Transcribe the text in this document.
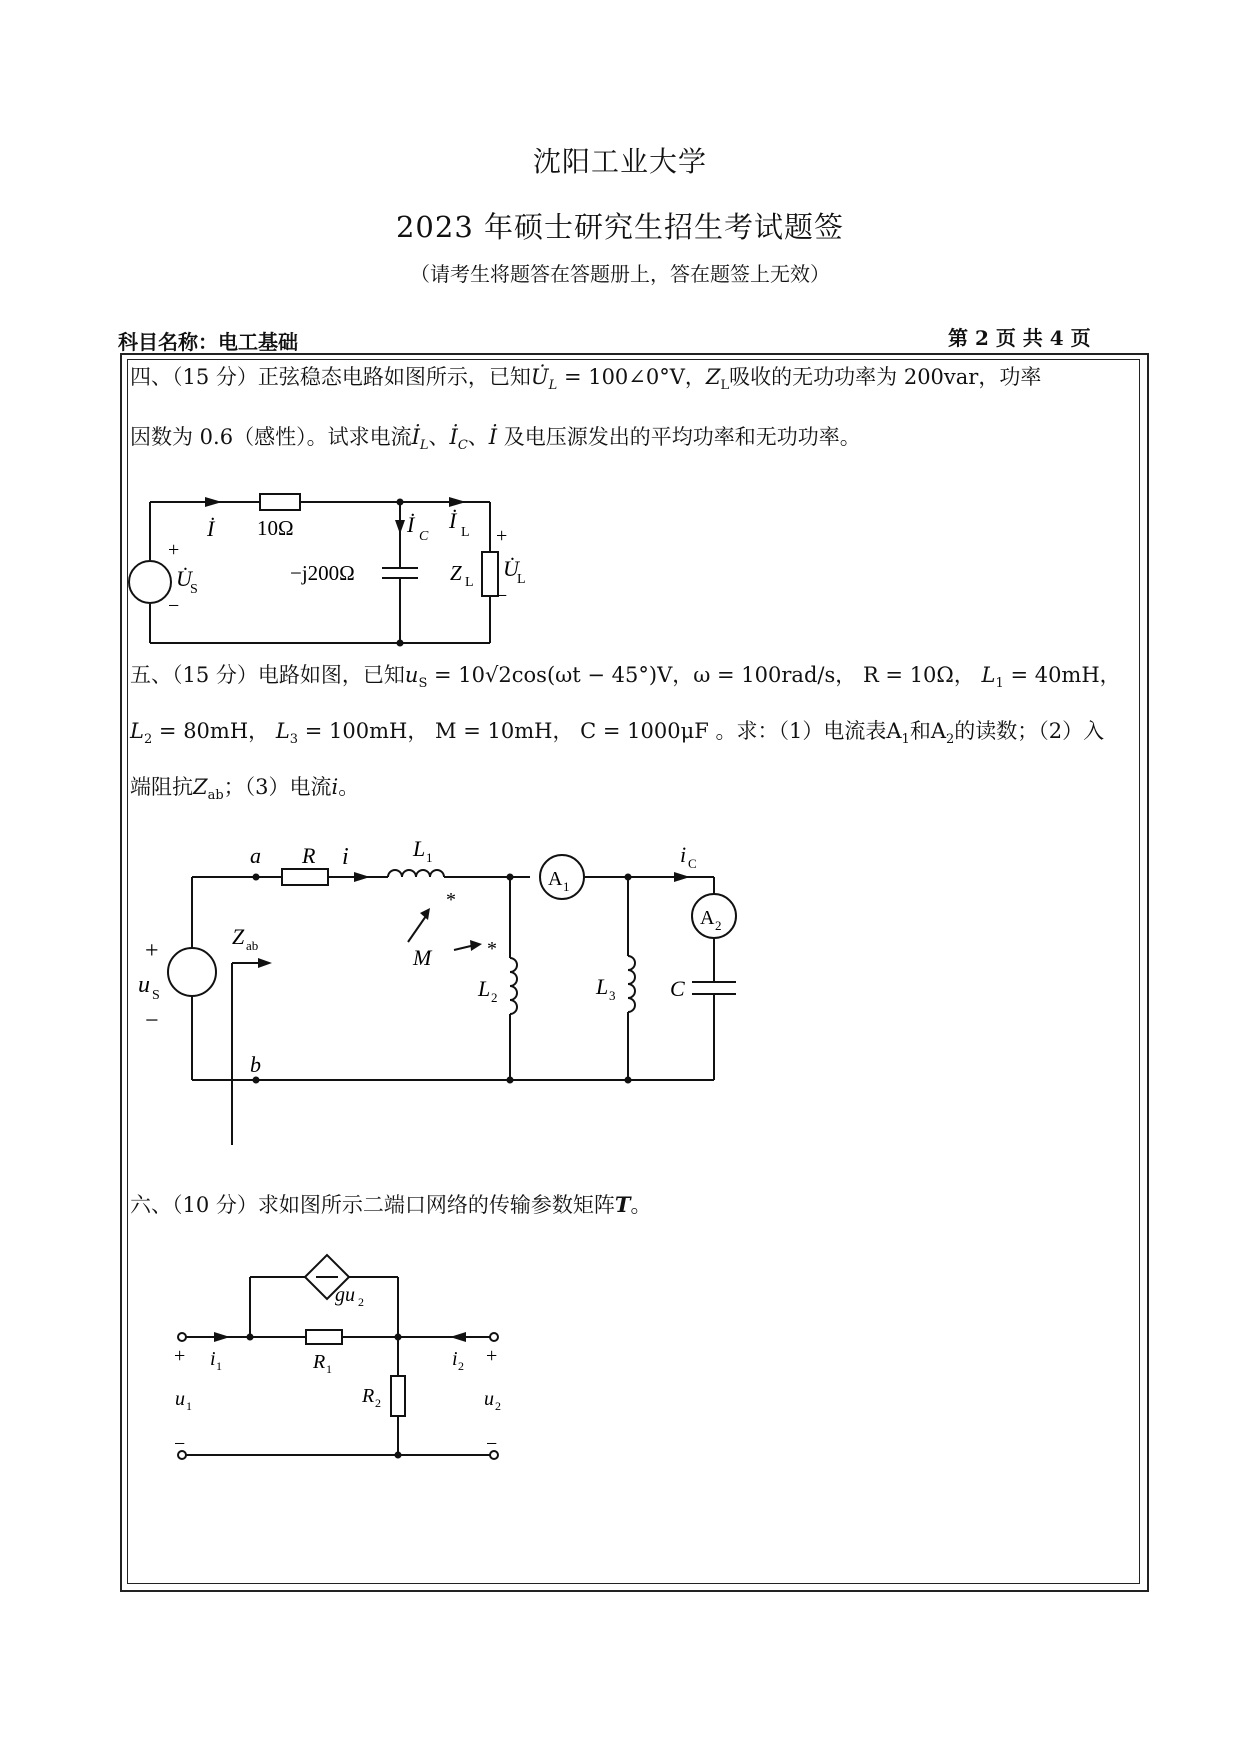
沈阳工业大学
2023 年硕士研究生招生考试题签
（请考生将题答在答题册上，答在题签上无效）
科目名称：电工基础	第 2 页 共 4 页
四、（15 分）正弦稳态电路如图所示，已知$U̇_L$ = 100∠0°V，$Z_L$吸收的无功功率为 200var，功率
因数为 0.6（感性）。试求电流$İ_L$、$İ_C$、İ 及电压源发出的平均功率和无功功率。
İ 10Ω	İ C
İ L
−j200Ω	Z L
+
U̇
L
−
+
U̇
S
−
五、（15 分）电路如图，已知$u_S = 10√2\cos(\omega t - 45^\circ)V$，ω = 100rad/s， R = 10Ω， $L_1 = 40mH$，
$L_2 = 80mH$， $L_3 = 100mH$， M = 10mH， C = 1000μF 。求：（1）电流表$A_1$和$A_2$的读数；（2）入
端阻抗$Z_{ab}$；（3）电流i。
a R i	L 1
*
M	*
L 2	L 3 C
A 1
A 2
i C
Z ab
+
u S
−
b
六、（10 分）求如图所示二端口网络的传输参数矩阵T。
gu 2
R 1
R 2
i 1	i 2
+
u 1
−
+
u 2
−
